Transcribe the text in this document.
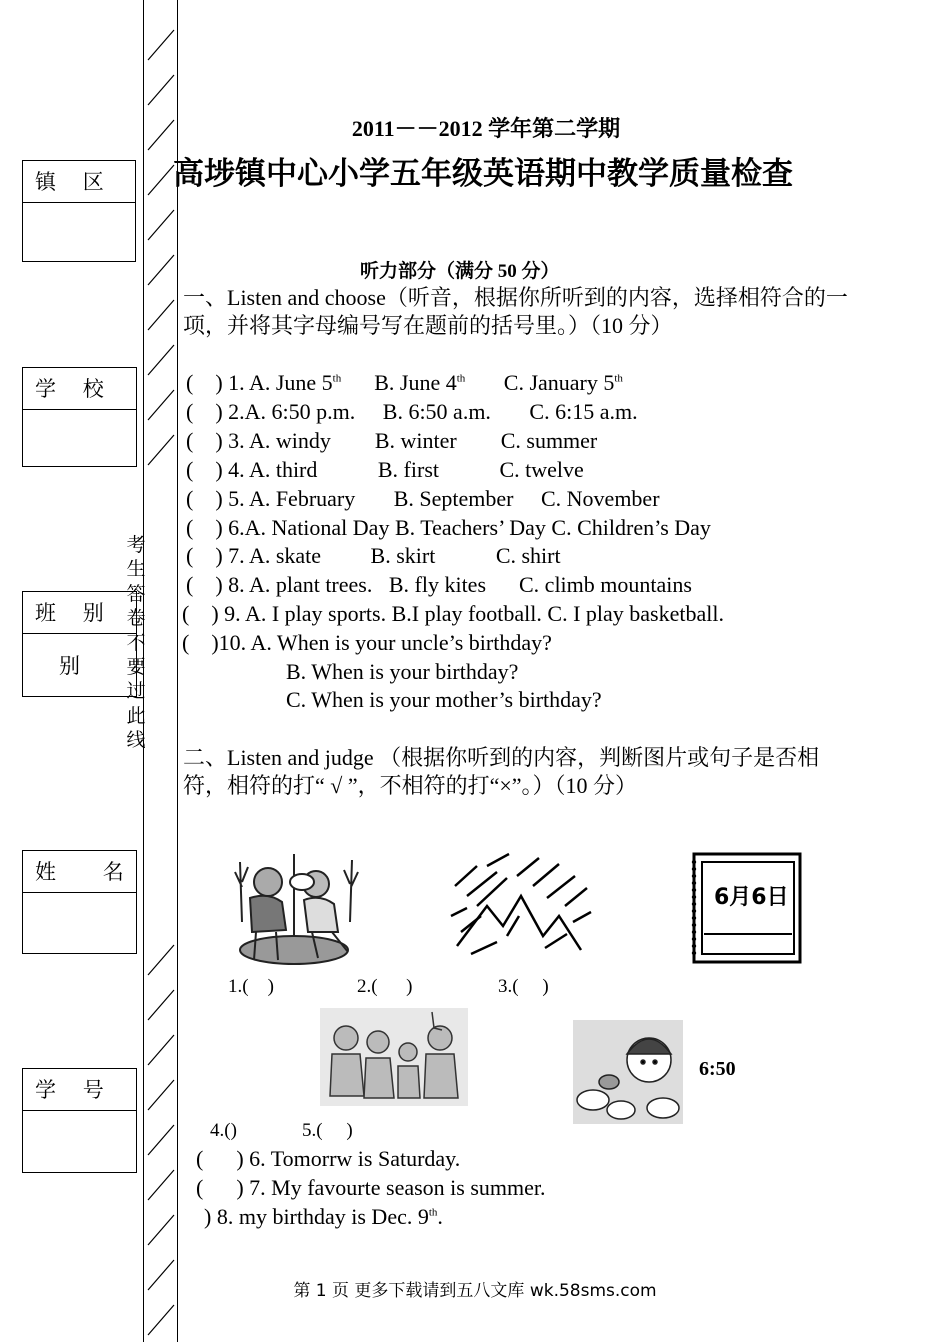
镇    区
学    校
班    别
别
姓       名
学    号
考
生
答
卷
不
要
过
此
线
2011－－2012 学年第二学期
高埗镇中心小学五年级英语期中教学质量检查
听力部分（满分 50 分）
一、Listen and choose（听音，根据你所听到的内容，选择相符合的一项，并将其字母编号写在题前的括号里。）（10 分）
(    ) 1. A. June 5th      B. June 4th       C. January 5th
(    ) 2.A. 6:50 p.m.     B. 6:50 a.m.       C. 6:15 a.m.
(    ) 3. A. windy        B. winter        C. summer
(    ) 4. A. third           B. first           C. twelve
(    ) 5. A. February       B. September     C. November
(    ) 6.A. National Day B. Teachers’ Day C. Children’s Day
(    ) 7. A. skate         B. skirt           C. shirt
(    ) 8. A. plant trees.   B. fly kites      C. climb mountains
(    ) 9. A. I play sports. B.I play football. C. I play basketball.
(    )10. A. When is your uncle’s birthday?
B. When is your birthday?
C. When is your mother’s birthday?
二、Listen and judge （根据你听到的内容，判断图片或句子是否相符，相符的打“ √ ”，不相符的打“×”。）（10 分）
6月6日
1.(    )	2.(      )	3.(     )
6:50
4.()	5.(     )
(      ) 6. Tomorrw is Saturday.
(      ) 7. My favourte season is summer.
) 8. my birthday is Dec. 9th.
第 1 页 更多下载请到五八文库 wk.58sms.com
